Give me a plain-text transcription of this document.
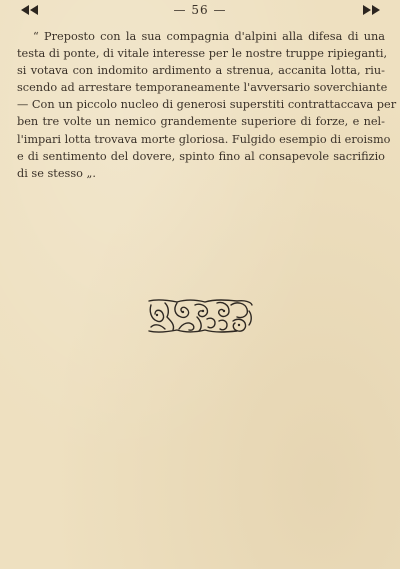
— 56 —
“ Preposto con la sua compagnia d'alpini alla difesa di una
testa di ponte, di vitale interesse per le nostre truppe ripieganti,
si votava con indomito ardimento a strenua, accanita lotta, riu-
scendo ad arrestare temporaneamente l'avversario soverchiante
— Con un piccolo nucleo di generosi superstiti contrattaccava per
ben tre volte un nemico grandemente superiore di forze, e nel-
l'impari lotta trovava morte gloriosa. Fulgido esempio di eroismo
e di sentimento del dovere, spinto fino al consapevole sacrifizio
di se stesso „.
